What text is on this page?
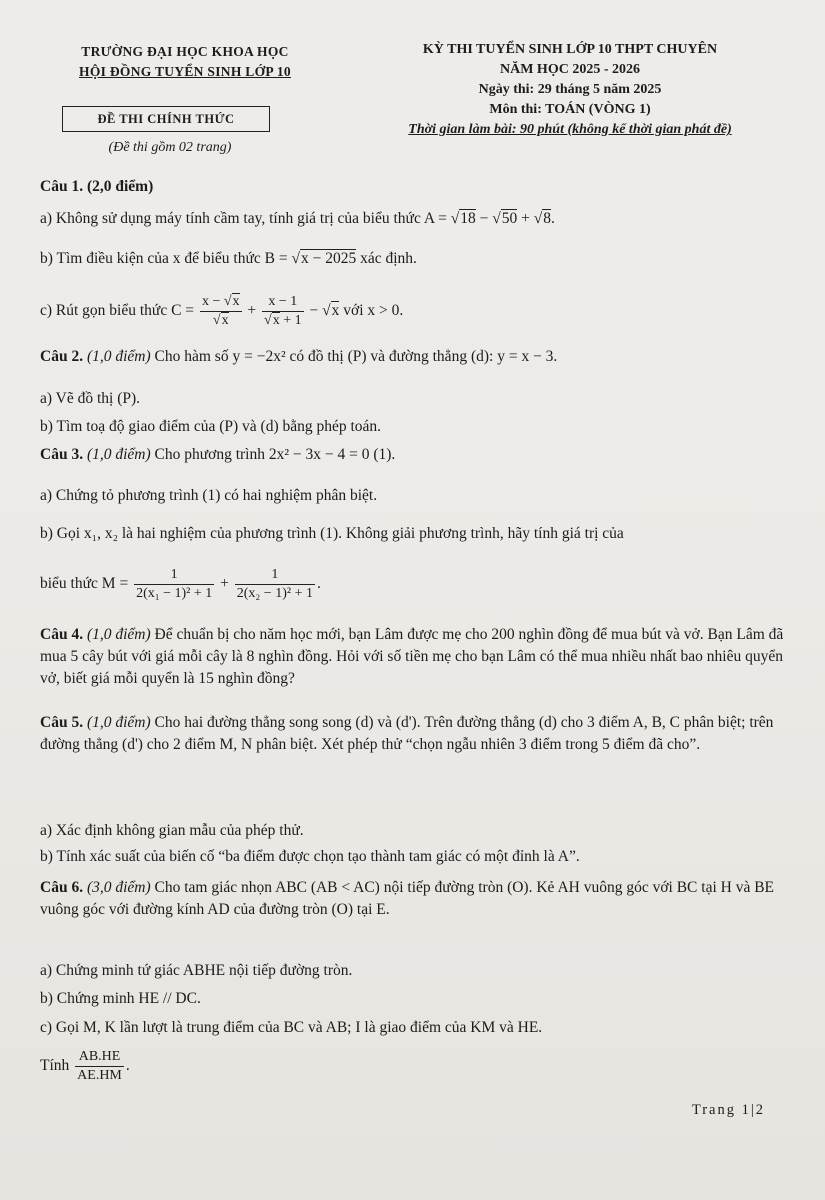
TRƯỜNG ĐẠI HỌC KHOA HỌC
HỘI ĐỒNG TUYỂN SINH LỚP 10
ĐỀ THI CHÍNH THỨC
(Đề thi gồm 02 trang)
KỲ THI TUYỂN SINH LỚP 10 THPT CHUYÊN
NĂM HỌC 2025 - 2026
Ngày thi: 29 tháng 5 năm 2025
Môn thi: TOÁN (VÒNG 1)
Thời gian làm bài: 90 phút (không kể thời gian phát đề)
Câu 1. (2,0 điểm)
a) Không sử dụng máy tính cầm tay, tính giá trị của biểu thức A = √18 − √50 + √8.
b) Tìm điều kiện của x để biểu thức B = √x − 2025 xác định.
c) Rút gọn biểu thức $C = \frac{x - √x}{√x} + \frac{x - 1}{√x + 1} - √x$ với x > 0.
Câu 2. (1,0 điểm) Cho hàm số y = −2x² có đồ thị (P) và đường thẳng (d): y = x − 3.
a) Vẽ đồ thị (P).
b) Tìm toạ độ giao điểm của (P) và (d) bằng phép toán.
Câu 3. (1,0 điểm) Cho phương trình 2x² − 3x − 4 = 0 (1).
a) Chứng tỏ phương trình (1) có hai nghiệm phân biệt.
b) Gọi x₁, x₂ là hai nghiệm của phương trình (1). Không giải phương trình, hãy tính giá trị của
biểu thức $M = \frac{1}{\text{2(x₁ − 1)² + 1}} + \frac{1}{\text{2(x₂ − 1)² + 1}}$ .
Câu 4. (1,0 điểm) Để chuẩn bị cho năm học mới, bạn Lâm được mẹ cho 200 nghìn đồng để mua bút và vở. Bạn Lâm đã mua 5 cây bút với giá mỗi cây là 8 nghìn đồng. Hỏi với số tiền mẹ cho bạn Lâm có thể mua nhiều nhất bao nhiêu quyển vở, biết giá mỗi quyển là 15 nghìn đồng?
Câu 5. (1,0 điểm) Cho hai đường thẳng song song (d) và (d'). Trên đường thẳng (d) cho 3 điểm A, B, C phân biệt; trên đường thẳng (d') cho 2 điểm M, N phân biệt. Xét phép thử “chọn ngẫu nhiên 3 điểm trong 5 điểm đã cho”.
a) Xác định không gian mẫu của phép thử.
b) Tính xác suất của biến cố “ba điểm được chọn tạo thành tam giác có một đỉnh là A”.
Câu 6. (3,0 điểm) Cho tam giác nhọn ABC (AB < AC) nội tiếp đường tròn (O). Kẻ AH vuông góc với BC tại H và BE vuông góc với đường kính AD của đường tròn (O) tại E.
a) Chứng minh tứ giác ABHE nội tiếp đường tròn.
b) Chứng minh HE // DC.
c) Gọi M, K lần lượt là trung điểm của BC và AB; I là giao điểm của KM và HE.
Tính $\frac{AB.HE}{AE.HM}$ .
Trang 1|2
